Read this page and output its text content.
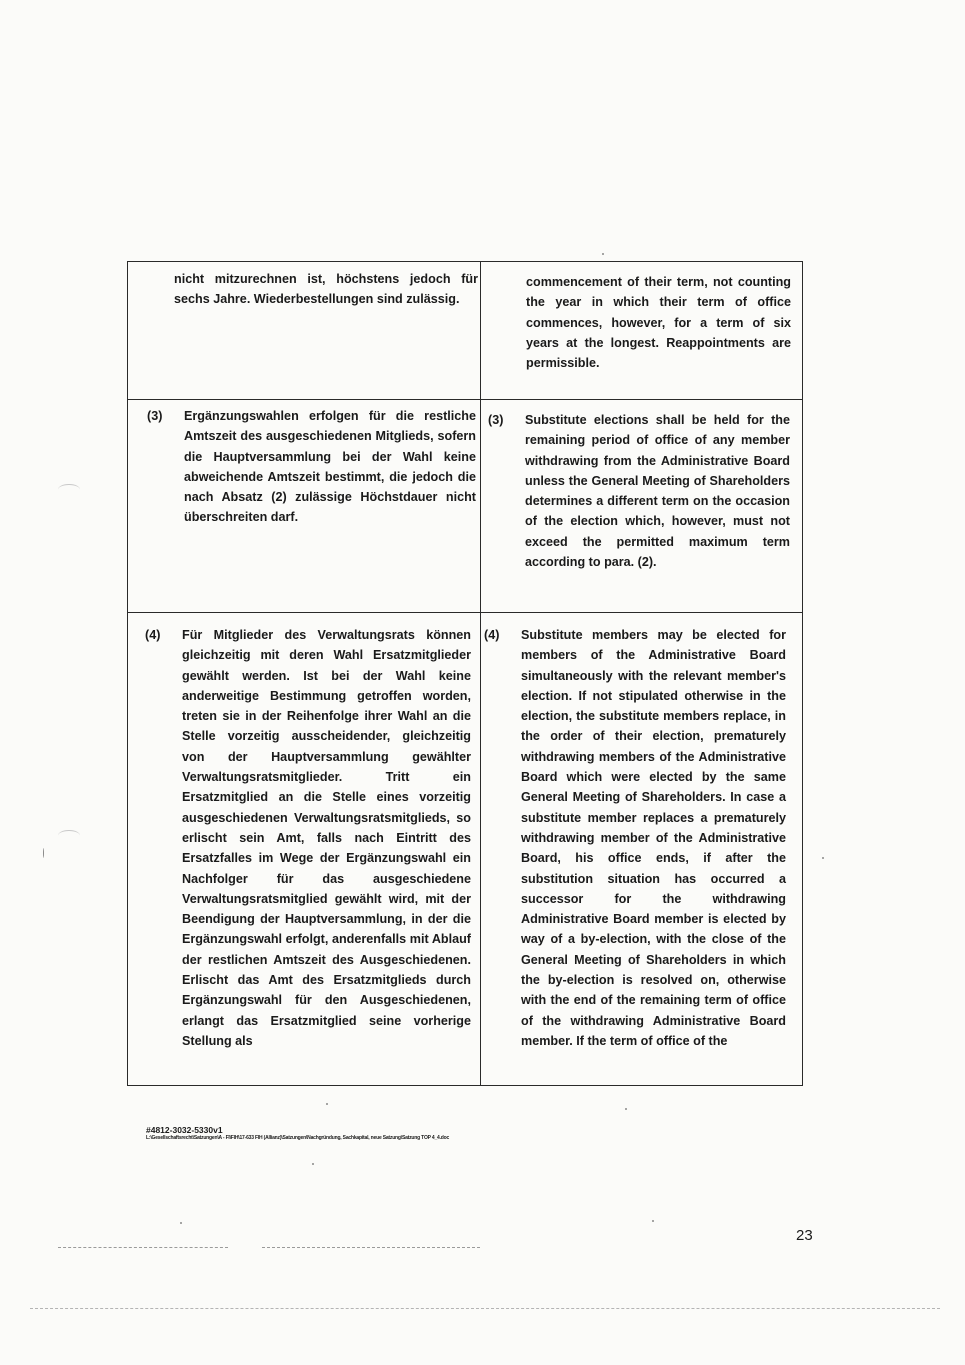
nicht mitzurechnen ist, höchstens jedoch für sechs Jahre. Wiederbestellungen sind zulässig.
commencement of their term, not counting the year in which their term of office commences, however, for a term of six years at the longest. Reappointments are permissible.
(3) Ergänzungswahlen erfolgen für die restliche Amtszeit des ausgeschiedenen Mitglieds, sofern die Hauptversammlung bei der Wahl keine abweichende Amtszeit bestimmt, die jedoch die nach Absatz (2) zulässige Höchstdauer nicht überschreiten darf.
(3) Substitute elections shall be held for the remaining period of office of any member withdrawing from the Administrative Board unless the General Meeting of Shareholders determines a different term on the occasion of the election which, however, must not exceed the permitted maximum term according to para. (2).
(4) Für Mitglieder des Verwaltungsrats können gleichzeitig mit deren Wahl Ersatzmitglieder gewählt werden. Ist bei der Wahl keine anderweitige Bestimmung getroffen worden, treten sie in der Reihenfolge ihrer Wahl an die Stelle vorzeitig ausscheidender, gleichzeitig von der Hauptversammlung gewählter Verwaltungsratsmitglieder. Tritt ein Ersatzmitglied an die Stelle eines vorzeitig ausgeschiedenen Verwaltungsratsmitglieds, so erlischt sein Amt, falls nach Eintritt des Ersatzfalles im Wege der Ergänzungswahl ein Nachfolger für das ausgeschiedene Verwaltungsratsmitglied gewählt wird, mit der Beendigung der Hauptversammlung, in der die Ergänzungswahl erfolgt, anderenfalls mit Ablauf der restlichen Amtszeit des Ausgeschiedenen. Erlischt das Amt des Ersatzmitglieds durch Ergänzungswahl für den Ausgeschiedenen, erlangt das Ersatzmitglied seine vorherige Stellung als
(4) Substitute members may be elected for members of the Administrative Board simultaneously with the relevant member's election. If not stipulated otherwise in the election, the substitute members replace, in the order of their election, prematurely withdrawing members of the Administrative Board which were elected by the same General Meeting of Shareholders. In case a substitute member replaces a prematurely withdrawing member of the Administrative Board, his office ends, if after the substitution situation has occurred a successor for the withdrawing Administrative Board member is elected by way of a by-election, with the close of the General Meeting of Shareholders in which the by-election is resolved on, otherwise with the end of the remaining term of office of the withdrawing Administrative Board member. If the term of office of the
#4812-3032-5330v1
L:\Gesellschaftsrecht\Satzungen\A - FI\FIH\17-633 FIH (Allianz)\Satzungen\Nachgründung, Sachkapital, neue Satzung\Satzung TOP 4_4.doc
23
